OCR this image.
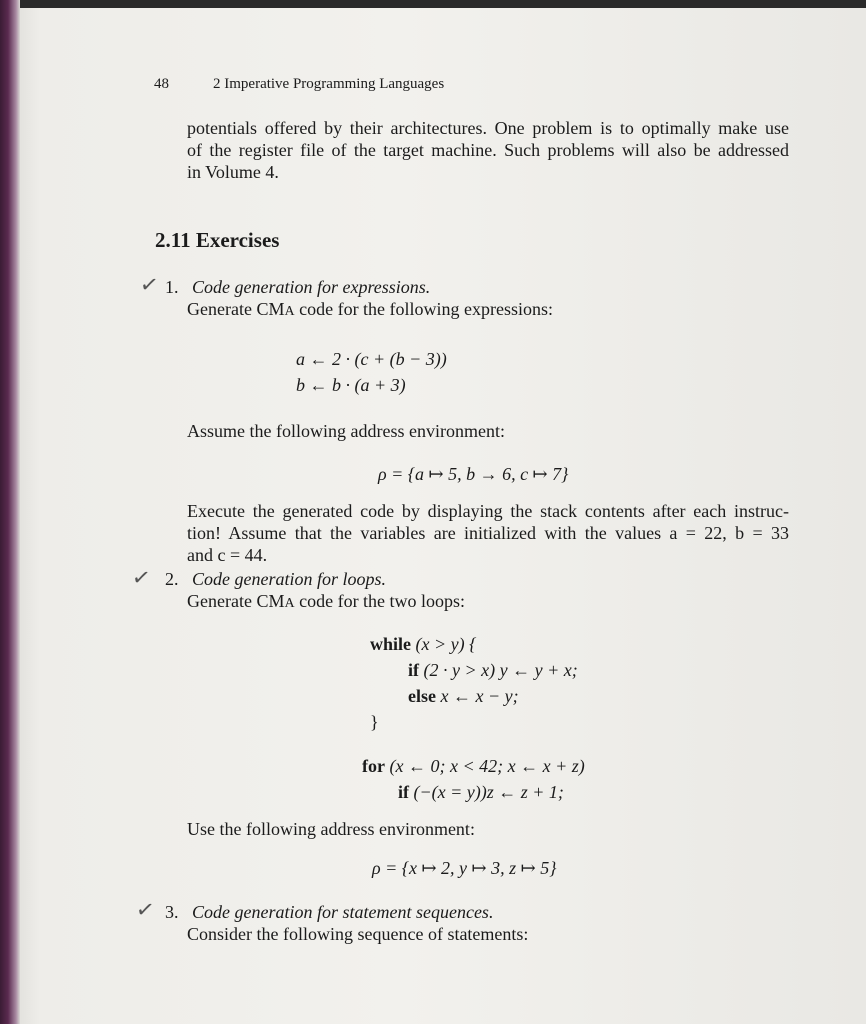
48	2 Imperative Programming Languages
potentials offered by their architectures. One problem is to optimally make use
of the register file of the target machine. Such problems will also be addressed
in Volume 4.
2.11 Exercises
✓ 1. Code generation for expressions.
Generate CMA code for the following expressions:
a ← 2 · (c + (b − 3))
b ← b · (a + 3)
Assume the following address environment:
ρ = {a ↦ 5, b → 6, c ↦ 7}
Execute the generated code by displaying the stack contents after each instruc-
tion! Assume that the variables are initialized with the values a = 22, b = 33
and c = 44.
✓ 2. Code generation for loops.
Generate CMA code for the two loops:
while (x > y) {
if (2 · y > x) y ← y + x;
else x ← x − y;
}
for (x ← 0; x < 42; x ← x + z)
if (−(x = y))z ← z + 1;
Use the following address environment:
ρ = {x ↦ 2, y ↦ 3, z ↦ 5}
✓ 3. Code generation for statement sequences.
Consider the following sequence of statements:
